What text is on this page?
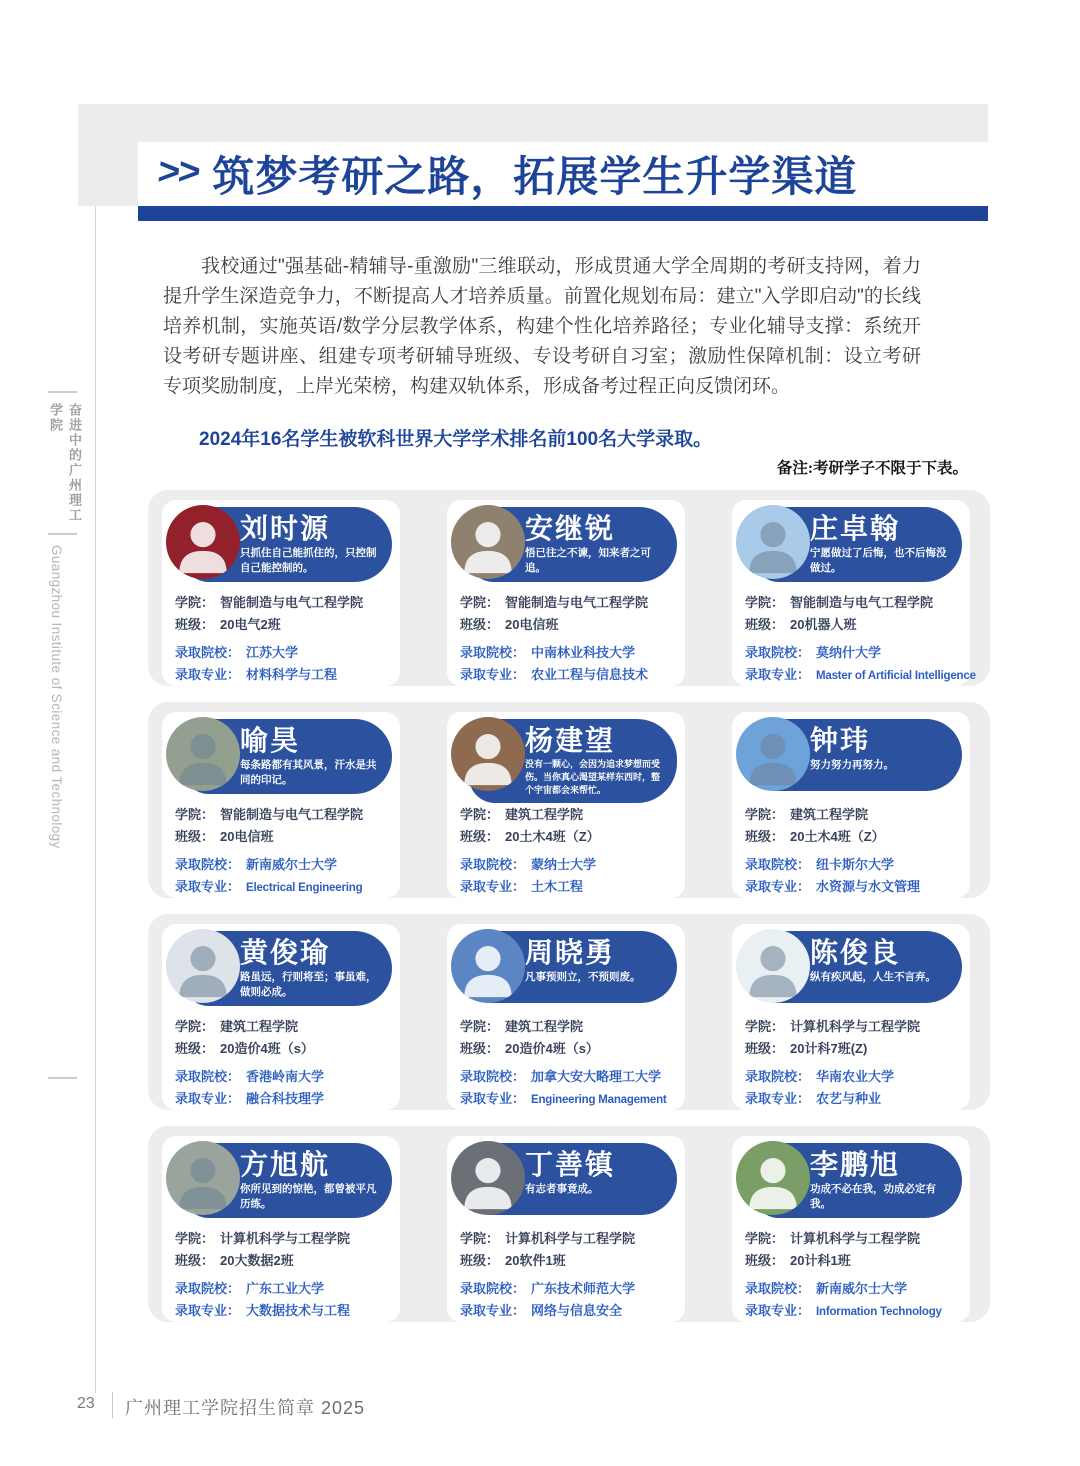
奋进中的广州理工学院
Guangzhou Institute of Science and Technology
>> 筑梦考研之路，拓展学生升学渠道

我校通过"强基础-精辅导-重激励"三维联动，形成贯通大学全周期的考研支持网，着力提升学生深造竞争力，不断提高人才培养质量。前置化规划布局：建立"入学即启动"的长线培养机制，实施英语/数学分层教学体系，构建个性化培养路径；专业化辅导支撑：系统开设考研专题讲座、组建专项考研辅导班级、专设考研自习室；激励性保障机制：设立考研专项奖励制度，上岸光荣榜，构建双轨体系，形成备考过程正向反馈闭环。

2024年16名学生被软科世界大学学术排名前100名大学录取。

备注:考研学子不限于下表。

刘时源
只抓住自己能抓住的，只控制自己能控制的。
学院： 智能制造与电气工程学院
班级： 20电气2班
录取院校： 江苏大学
录取专业： 材料科学与工程
安继锐
悟已往之不谏，知来者之可追。
学院： 智能制造与电气工程学院
班级： 20电信班
录取院校： 中南林业科技大学
录取专业： 农业工程与信息技术
庄卓翰
宁愿做过了后悔，也不后悔没做过。
学院： 智能制造与电气工程学院
班级： 20机器人班
录取院校： 莫纳什大学
录取专业： Master of Artificial Intelligence
喻昊
每条路都有其风景，汗水是共同的印记。
学院： 智能制造与电气工程学院
班级： 20电信班
录取院校： 新南威尔士大学
录取专业： Electrical Engineering
杨建望
没有一颗心，会因为追求梦想而受伤。当你真心渴望某样东西时，整个宇宙都会来帮忙。
学院： 建筑工程学院
班级： 20土木4班（Z）
录取院校： 蒙纳士大学
录取专业： 土木工程
钟玮
努力努力再努力。
学院： 建筑工程学院
班级： 20土木4班（Z）
录取院校： 纽卡斯尔大学
录取专业： 水资源与水文管理
黄俊瑜
路虽远，行则将至；事虽难，做则必成。
学院： 建筑工程学院
班级： 20造价4班（s）
录取院校： 香港岭南大学
录取专业： 融合科技理学
周晓勇
凡事预则立，不预则废。
学院： 建筑工程学院
班级： 20造价4班（s）
录取院校： 加拿大安大略理工大学
录取专业： Engineering Management
陈俊良
纵有疾风起，人生不言弃。
学院： 计算机科学与工程学院
班级： 20计科7班(Z)
录取院校： 华南农业大学
录取专业： 农艺与种业
方旭航
你所见到的惊艳，都曾被平凡历练。
学院： 计算机科学与工程学院
班级： 20大数据2班
录取院校： 广东工业大学
录取专业： 大数据技术与工程
丁善镇
有志者事竟成。
学院： 计算机科学与工程学院
班级： 20软件1班
录取院校： 广东技术师范大学
录取专业： 网络与信息安全
李鹏旭
功成不必在我，功成必定有我。
学院： 计算机科学与工程学院
班级： 20计科1班
录取院校： 新南威尔士大学
录取专业： Information Technology
23 广州理工学院招生简章 2025
